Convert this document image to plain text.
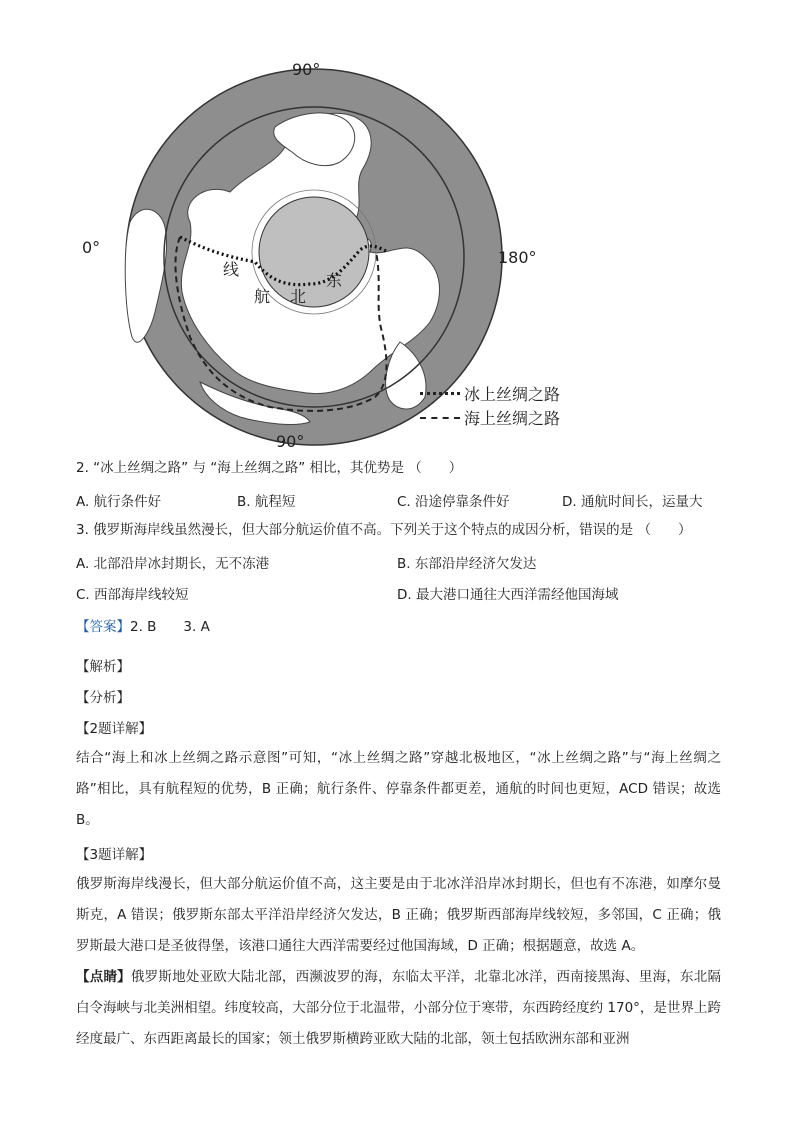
90°
0°
180°
90°
线
航 北
东
冰上丝绸之路
海上丝绸之路
2. “冰上丝绸之路” 与 “海上丝绸之路” 相比，其优势是 （　　）
A. 航行条件好	B. 航程短	C. 沿途停靠条件好	D. 通航时间长，运量大
3. 俄罗斯海岸线虽然漫长，但大部分航运价值不高。下列关于这个特点的成因分析，错误的是 （　　）
A. 北部沿岸冰封期长，无不冻港	B. 东部沿岸经济欠发达
C. 西部海岸线较短	D. 最大港口通往大西洋需经他国海域
【答案】2. B　　3. A
【解析】
【分析】
【2题详解】
结合“海上和冰上丝绸之路示意图”可知，“冰上丝绸之路”穿越北极地区，“冰上丝绸之路”与“海上丝绸之路”相比，具有航程短的优势，B 正确；航行条件、停靠条件都更差，通航的时间也更短，ACD 错误；故选 B。
【3题详解】
俄罗斯海岸线漫长，但大部分航运价值不高，这主要是由于北冰洋沿岸冰封期长，但也有不冻港，如摩尔曼斯克，A 错误；俄罗斯东部太平洋沿岸经济欠发达，B 正确；俄罗斯西部海岸线较短，多邻国，C 正确；俄罗斯最大港口是圣彼得堡，该港口通往大西洋需要经过他国海域，D 正确；根据题意，故选 A。
【点睛】俄罗斯地处亚欧大陆北部，西濒波罗的海，东临太平洋，北靠北冰洋，西南接黑海、里海，东北隔白令海峡与北美洲相望。纬度较高，大部分位于北温带，小部分位于寒带，东西跨经度约 170°，是世界上跨经度最广、东西距离最长的国家；领土俄罗斯横跨亚欧大陆的北部，领土包括欧洲东部和亚洲
